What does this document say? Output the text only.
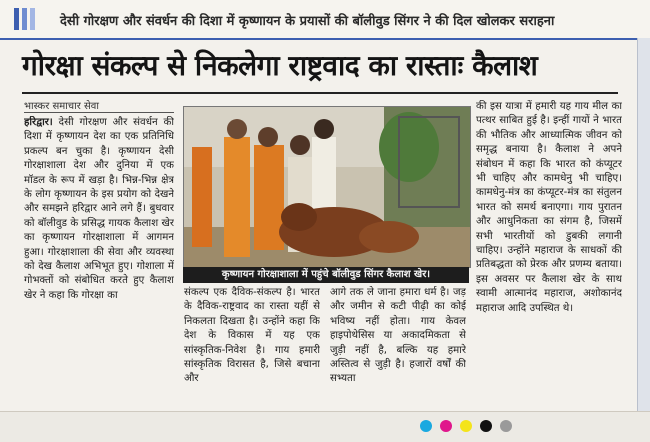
देसी गोरक्षण और संवर्धन की दिशा में कृष्णायन के प्रयासों की बॉलीवुड सिंगर ने की दिल खोलकर सराहना
गोरक्षा संकल्प से निकलेगा राष्ट्रवाद का रास्ताः कैलाश
भास्कर समाचार सेवा
हरिद्वार। देसी गोरक्षण और संवर्धन की दिशा में कृष्णायन देश का एक प्रतिनिधि प्रकल्प बन चुका है। कृष्णायन देसी गोरक्षाशाला देश और दुनिया में एक मॉडल के रूप में खड़ा है। भिन्न-भिन्न क्षेत्र के लोग कृष्णायन के इस प्रयोग को देखने और समझने हरिद्वार आने लगे हैं। बुधवार को बॉलीवुड के प्रसिद्ध गायक कैलाश खेर का कृष्णायन गोरक्षाशाला में आगमन हुआ। गोरक्षाशाला की सेवा और व्यवस्था को देख कैलाश अभिभूत हुए। गोशाला में गोभक्तों को संबोधित करते हुए कैलाश खेर ने कहा कि गोरक्षा का
कृष्णायन गोरक्षाशाला में पहुंचे बॉलीवुड सिंगर कैलाश खेर।
संकल्प एक दैविक-संकल्प है। भारत के दैविक-राष्ट्रवाद का रास्ता यहीं से निकलता दिखता है। उन्होंने कहा कि देश के विकास में यह एक सांस्कृतिक-निवेश है। गाय हमारी सांस्कृतिक विरासत है, जिसे बचाना और
आगे तक ले जाना हमारा धर्म है। जड़ और जमीन से कटी पीढ़ी का कोई भविष्य नहीं होता। गाय केवल हाइपोथेसिस या अकादमिकता से जुड़ी नहीं है, बल्कि यह हमारे अस्तित्व से जुड़ी है। हजारों वर्षों की सभ्यता
की इस यात्रा में हमारी यह गाय मील का पत्थर साबित हुई है। इन्हीं गायों ने भारत की भौतिक और आध्यात्मिक जीवन को समृद्ध बनाया है। कैलाश ने अपने संबोधन में कहा कि भारत को कंप्यूटर भी चाहिए और कामधेनु भी चाहिए। कामधेनु-मंत्र का कंप्यूटर-मंत्र का संतुलन भारत को समर्थ बनाएगा। गाय पुरातन और आधुनिकता का संगम है, जिसमें सभी भारतीयों को डुबकी लगानी चाहिए। उन्होंने महाराज के साधकों की प्रतिबद्धता को प्रेरक और प्रणम्य बताया। इस अवसर पर कैलाश खेर के साथ स्वामी आत्मानंद महाराज, अशोकानंद महाराज आदि उपस्थित थे।
